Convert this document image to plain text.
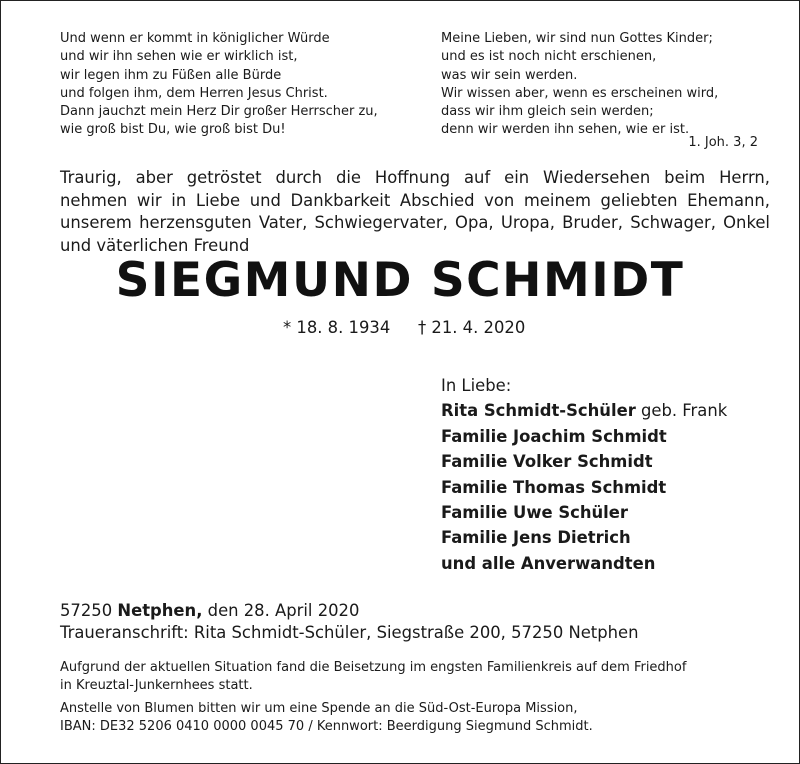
Und wenn er kommt in königlicher Würde
und wir ihn sehen wie er wirklich ist,
wir legen ihm zu Füßen alle Bürde
und folgen ihm, dem Herren Jesus Christ.
Dann jauchzt mein Herz Dir großer Herrscher zu,
wie groß bist Du, wie groß bist Du!
Meine Lieben, wir sind nun Gottes Kinder;
und es ist noch nicht erschienen,
was wir sein werden.
Wir wissen aber, wenn es erscheinen wird,
dass wir ihm gleich sein werden;
denn wir werden ihn sehen, wie er ist.
1. Joh. 3, 2
Traurig, aber getröstet durch die Hoffnung auf ein Wiedersehen beim Herrn,
nehmen wir in Liebe und Dankbarkeit Abschied von meinem geliebten Ehemann,
unserem herzensguten Vater, Schwiegervater, Opa, Uropa, Bruder, Schwager, Onkel
und väterlichen Freund
SIEGMUND SCHMIDT
* 18. 8. 1934 † 21. 4. 2020
In Liebe:
Rita Schmidt-Schüler geb. Frank
Familie Joachim Schmidt
Familie Volker Schmidt
Familie Thomas Schmidt
Familie Uwe Schüler
Familie Jens Dietrich
und alle Anverwandten
57250 Netphen, den 28. April 2020
Traueranschrift: Rita Schmidt-Schüler, Siegstraße 200, 57250 Netphen
Aufgrund der aktuellen Situation fand die Beisetzung im engsten Familienkreis auf dem Friedhof
in Kreuztal-Junkernhees statt.
Anstelle von Blumen bitten wir um eine Spende an die Süd-Ost-Europa Mission,
IBAN: DE32 5206 0410 0000 0045 70 / Kennwort: Beerdigung Siegmund Schmidt.
